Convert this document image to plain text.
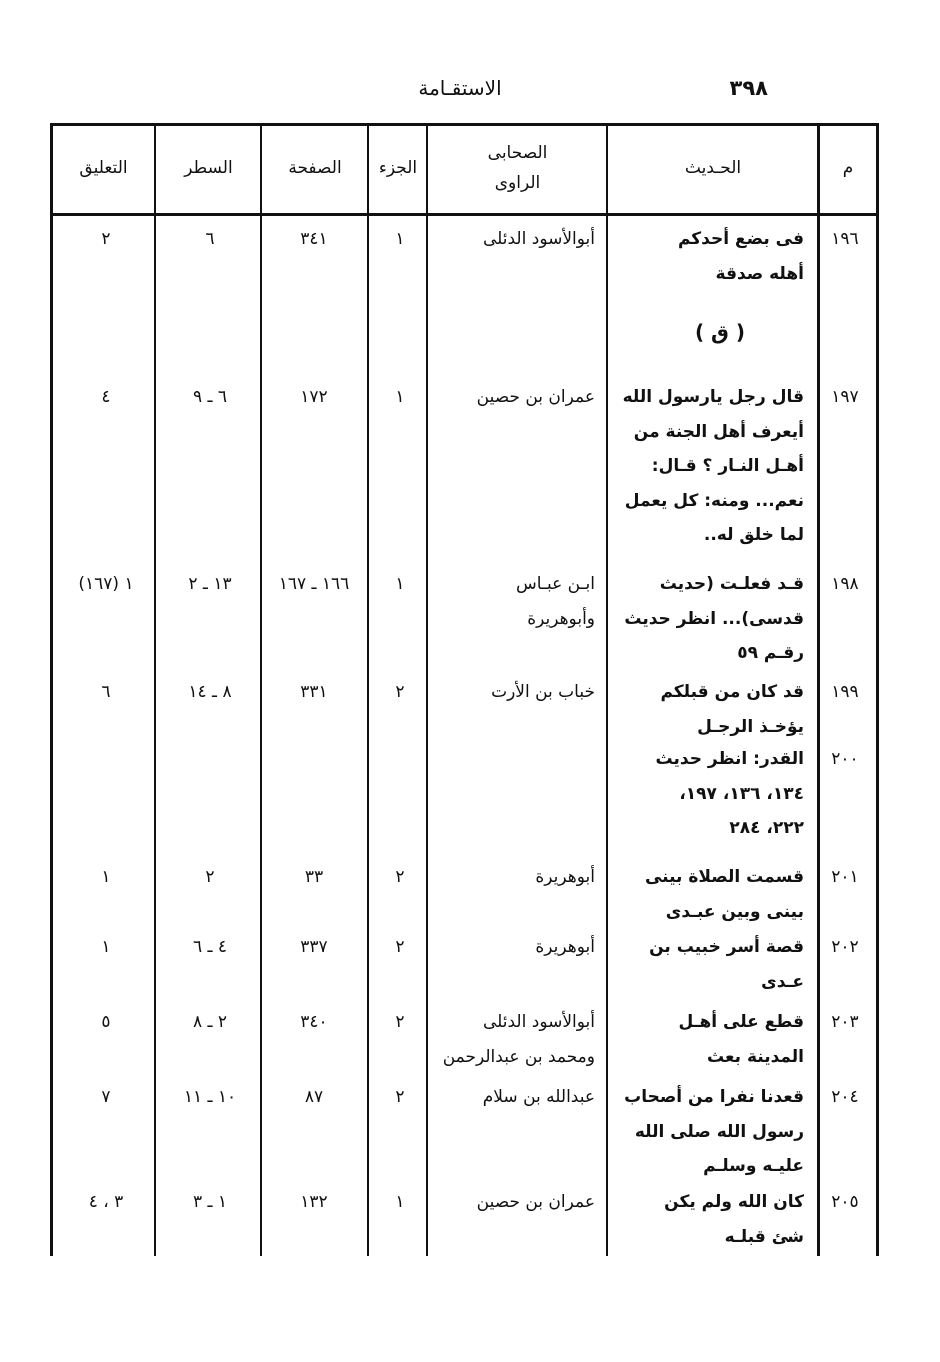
٣٩٨
الاستقـامة
م
الحـديث
الصحابى
الراوى
الجزء
الصفحة
السطر
التعليق
( ق )
١٩٦
فى بضع أحدكم
أهله صدقة
أبوالأسود الدئلى
١
٣٤١
٦
٢
١٩٧
قال رجل يارسول الله
أيعرف أهل الجنة من
أهـل النـار ؟ قـال:
نعم... ومنه: كل يعمل
لما خلق له..
عمران بن حصين
١
١٧٢
٦ ـ ٩
٤
١٩٨
قـد فعلـت (حديث
قدسى)... انظر حديث
رقـم ٥٩
ابـن عبـاس
وأبوهريرة
١
١٦٦ ـ ١٦٧
١٣ ـ ٢
١ (١٦٧)
١٩٩
قد كان من قبلكم
يؤخـذ الرجـل
خباب بن الأرت
٢
٣٣١
٨ ـ ١٤
٦
٢٠٠
القدر: انظر حديث
١٣٤، ١٣٦، ١٩٧،
٢٢٢، ٢٨٤
٢٠١
قسمت الصلاة بينى
بينى وبين عبـدى
أبوهريرة
٢
٣٣
٢
١
٢٠٢
قصة أسر خبيب بن
عـدى
أبوهريرة
٢
٣٣٧
٤ ـ ٦
١
٢٠٣
قطع على أهـل
المدينة بعث
أبوالأسود الدئلى
ومحمد بن عبدالرحمن
٢
٣٤٠
٢ ـ ٨
٥
٢٠٤
قعدنا نفرا من أصحاب
رسول الله صلى الله
عليـه وسلـم
عبدالله بن سلام
٢
٨٧
١٠ ـ ١١
٧
٢٠٥
كان الله ولم يكن
شئ قبلـه
عمران بن حصين
١
١٣٢
١ ـ ٣
٣ ، ٤
